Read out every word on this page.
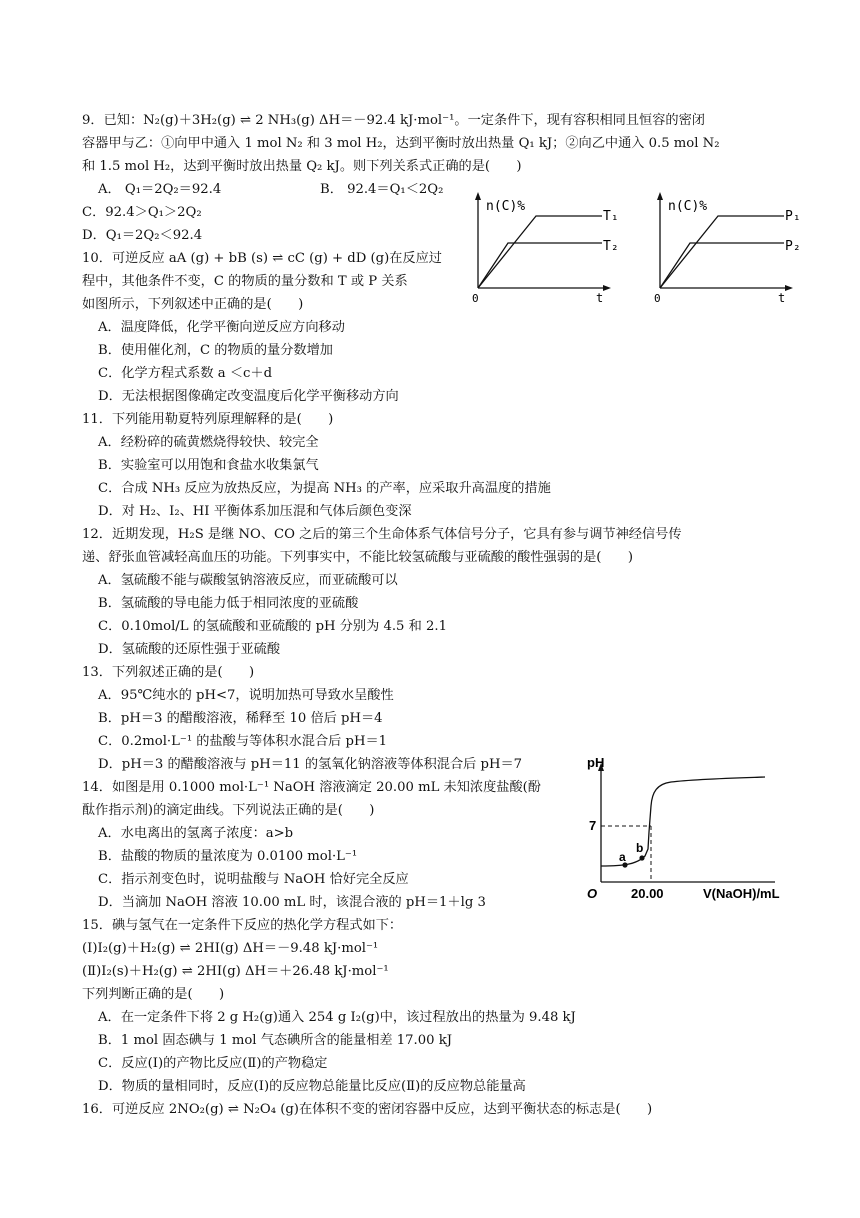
9．已知：N₂(g)＋3H₂(g) ⇌ 2 NH₃(g) ΔH＝－92.4 kJ·mol⁻¹。一定条件下，现有容积相同且恒容的密闭
容器甲与乙：①向甲中通入 1 mol N₂ 和 3 mol H₂，达到平衡时放出热量 Q₁ kJ；②向乙中通入 0.5 mol N₂
和 1.5 mol H₂，达到平衡时放出热量 Q₂ kJ。则下列关系式正确的是(　　)
A． Q₁＝2Q₂＝92.4	B． 92.4＝Q₁＜2Q₂
C．92.4＞Q₁＞2Q₂
D．Q₁＝2Q₂＜92.4
10．可逆反应 aA (g) + bB (s) ⇌ cC (g) + dD (g)在反应过
程中，其他条件不变，C 的物质的量分数和 T 或 P 关系
如图所示，下列叙述中正确的是(　　)
A．温度降低，化学平衡向逆反应方向移动
B．使用催化剂，C 的物质的量分数增加
C．化学方程式系数 a ＜c＋d
D．无法根据图像确定改变温度后化学平衡移动方向
n(C)%
0	t
T₁
T₂
n(C)%
0	t
P₁
P₂
11．下列能用勒夏特列原理解释的是(　　)
A．经粉碎的硫黄燃烧得较快、较完全
B．实验室可以用饱和食盐水收集氯气
C．合成 NH₃ 反应为放热反应，为提高 NH₃ 的产率，应采取升高温度的措施
D．对 H₂、I₂、HI 平衡体系加压混和气体后颜色变深
12．近期发现，H₂S 是继 NO、CO 之后的第三个生命体系气体信号分子，它具有参与调节神经信号传
递、舒张血管减轻高血压的功能。下列事实中，不能比较氢硫酸与亚硫酸的酸性强弱的是(　　)
A．氢硫酸不能与碳酸氢钠溶液反应，而亚硫酸可以
B．氢硫酸的导电能力低于相同浓度的亚硫酸
C．0.10mol/L 的氢硫酸和亚硫酸的 pH 分别为 4.5 和 2.1
D．氢硫酸的还原性强于亚硫酸
13．下列叙述正确的是(　　)
A．95℃纯水的 pH<7，说明加热可导致水呈酸性
B．pH＝3 的醋酸溶液，稀释至 10 倍后 pH＝4
C．0.2mol·L⁻¹ 的盐酸与等体积水混合后 pH＝1
D．pH＝3 的醋酸溶液与 pH＝11 的氢氧化钠溶液等体积混合后 pH＝7
14．如图是用 0.1000 mol·L⁻¹ NaOH 溶液滴定 20.00 mL 未知浓度盐酸(酚
酞作指示剂)的滴定曲线。下列说法正确的是(　　)
A．水电离出的氢离子浓度：a>b
B．盐酸的物质的量浓度为 0.0100 mol·L⁻¹
C．指示剂变色时，说明盐酸与 NaOH 恰好完全反应
D．当滴加 NaOH 溶液 10.00 mL 时，该混合液的 pH＝1＋lg 3
pH
7
O	20.00	V(NaOH)/mL
a
b
15．碘与氢气在一定条件下反应的热化学方程式如下：
(Ⅰ)I₂(g)＋H₂(g) ⇌ 2HI(g) ΔH＝－9.48 kJ·mol⁻¹
(Ⅱ)I₂(s)＋H₂(g) ⇌ 2HI(g) ΔH＝＋26.48 kJ·mol⁻¹
下列判断正确的是(　　)
A．在一定条件下将 2 g H₂(g)通入 254 g I₂(g)中，该过程放出的热量为 9.48 kJ
B．1 mol 固态碘与 1 mol 气态碘所含的能量相差 17.00 kJ
C．反应(Ⅰ)的产物比反应(Ⅱ)的产物稳定
D．物质的量相同时，反应(Ⅰ)的反应物总能量比反应(Ⅱ)的反应物总能量高
16．可逆反应 2NO₂(g) ⇌ N₂O₄ (g)在体积不变的密闭容器中反应，达到平衡状态的标志是(　　)
